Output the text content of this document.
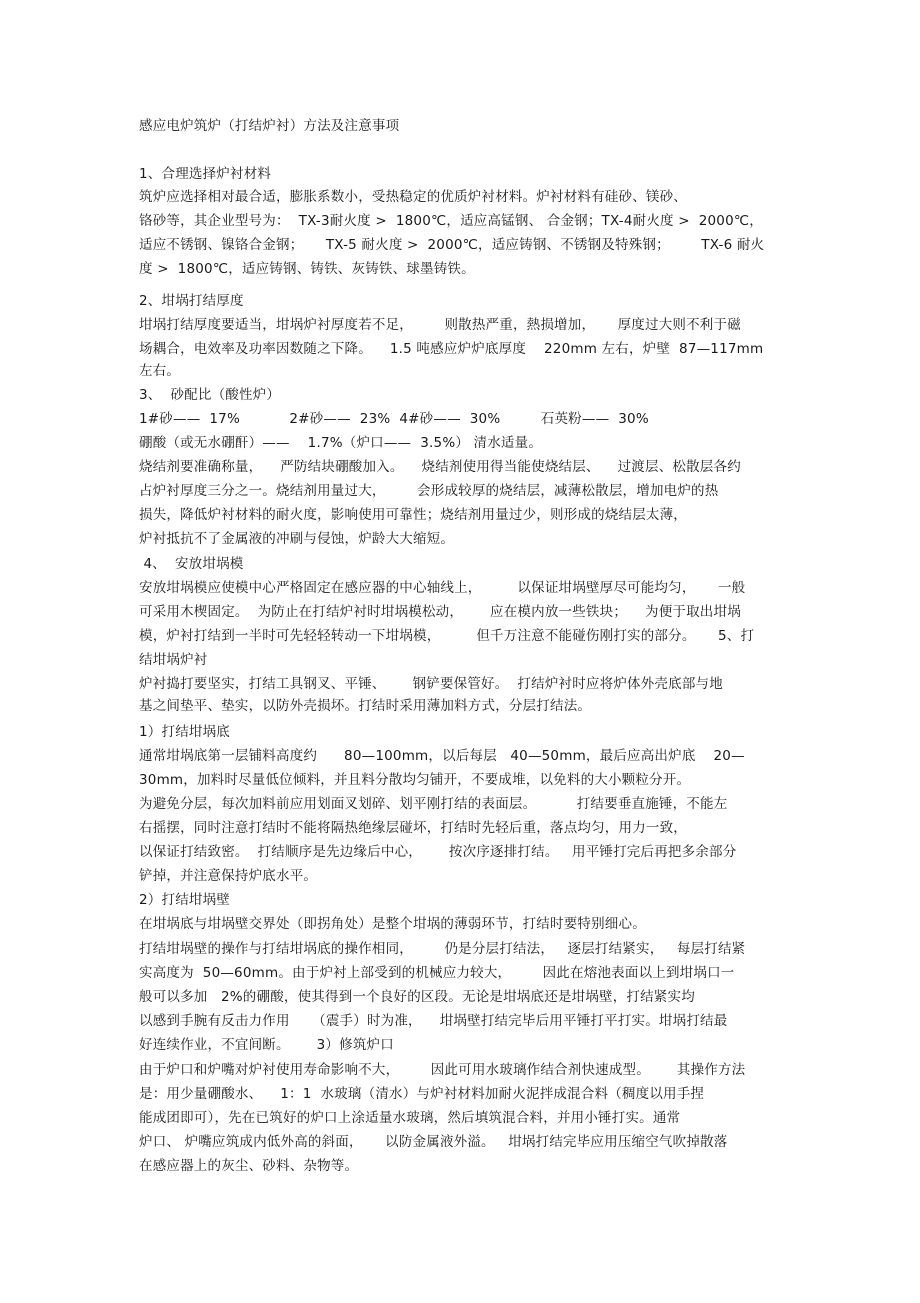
感应电炉筑炉（打结炉衬）方法及注意事项
1、合理选择炉衬材料
筑炉应选择相对最合适，膨胀系数小，受热稳定的优质炉衬材料。炉衬材料有硅砂、镁砂、
铬砂等，其企业型号为：  TX-3耐火度 >  1800℃，适应高锰钢、 合金钢；TX-4耐火度 >  2000℃，
适应不锈钢、镍铬合金钢；     TX-5 耐火度 >  2000℃，适应铸钢、不锈钢及特殊钢；       TX-6 耐火
度 >  1800℃，适应铸钢、铸铁、灰铸铁、球墨铸铁。
2、坩埚打结厚度
坩埚打结厚度要适当，坩埚炉衬厚度若不足，       则散热严重，熱损增加，     厚度过大则不利于磁
场耦合，电效率及功率因数随之下降。    1.5 吨感应炉炉底厚度    220mm 左右，炉壁  87—117mm
左右。
3、  砂配比（酸性炉）
1#砂——  17%           2#砂——  23%  4#砂——  30%         石英粉——  30%
硼酸（或无水硼酐）——    1.7%（炉口——  3.5%） 清水适量。
烧结剂要准确称量，    严防结块硼酸加入。    烧结剂使用得当能使烧结层、    过渡层、松散层各约
占炉衬厚度三分之一。烧结剂用量过大，       会形成较厚的烧结层，减薄松散层，增加电炉的热
损失，降低炉衬材料的耐火度，影响使用可靠性；烧结剂用量过少，则形成的烧结层太薄，
炉衬抵抗不了金属液的冲刷与侵蚀，炉龄大大缩短。
4、  安放坩埚模
安放坩埚模应使模中心严格固定在感应器的中心轴线上，        以保证坩埚壁厚尽可能均匀，     一般
可采用木楔固定。  为防止在打结炉衬时坩埚模松动，      应在模内放一些铁块；    为便于取出坩埚
模，炉衬打结到一半时可先轻轻转动一下坩埚模，        但千万注意不能碰伤刚打实的部分。     5、打
结坩埚炉衬
炉衬捣打要坚实，打结工具钢叉、平锤、      钢铲要保管好。  打结炉衬时应将炉体外壳底部与地
基之间垫平、垫实，以防外壳损坏。打结时采用薄加料方式，分层打结法。
1）打结坩埚底
通常坩埚底第一层铺料高度约      80—100mm，以后每层   40—50mm，最后应高出炉底    20—
30mm，加料时尽量低位倾料，并且料分散均匀铺开，不要成堆，以免料的大小颗粒分开。
为避免分层，每次加料前应用划面叉划碎、划平刚打结的表面层。         打结要垂直施锤，不能左
右摇摆，同时注意打结时不能将隔热绝缘层碰坏，打结时先轻后重，落点均匀，用力一致，
以保证打结致密。  打结顺序是先边缘后中心，      按次序逐排打结。   用平锤打完后再把多余部分
铲掉，并注意保持炉底水平。
2）打结坩埚壁
在坩埚底与坩埚壁交界处（即拐角处）是整个坩埚的薄弱环节，打结时要特别细心。
打结坩埚壁的操作与打结坩埚底的操作相同，       仍是分层打结法，   逐层打结紧实，   每层打结紧
实高度为  50—60mm。由于炉衬上部受到的机械应力较大，       因此在熔池表面以上到坩埚口一
般可以多加   2%的硼酸，使其得到一个良好的区段。无论是坩埚底还是坩埚壁，打结紧实均
以感到手腕有反击力作用     （震手）时为准，    坩埚壁打结完毕后用平锤打平打实。坩埚打结最
好连续作业，不宜间断。      3）修筑炉口
由于炉口和炉嘴对炉衬使用寿命影响不大，       因此可用水玻璃作结合剂快速成型。      其操作方法
是：用少量硼酸水、    1：1  水玻璃（清水）与炉衬材料加耐火泥拌成混合料（稠度以用手捏
能成团即可），先在已筑好的炉口上涂适量水玻璃，然后填筑混合料，并用小锤打实。通常
炉口、 炉嘴应筑成内低外高的斜面，     以防金属液外溢。   坩埚打结完毕应用压缩空气吹掉散落
在感应器上的灰尘、砂料、杂物等。
